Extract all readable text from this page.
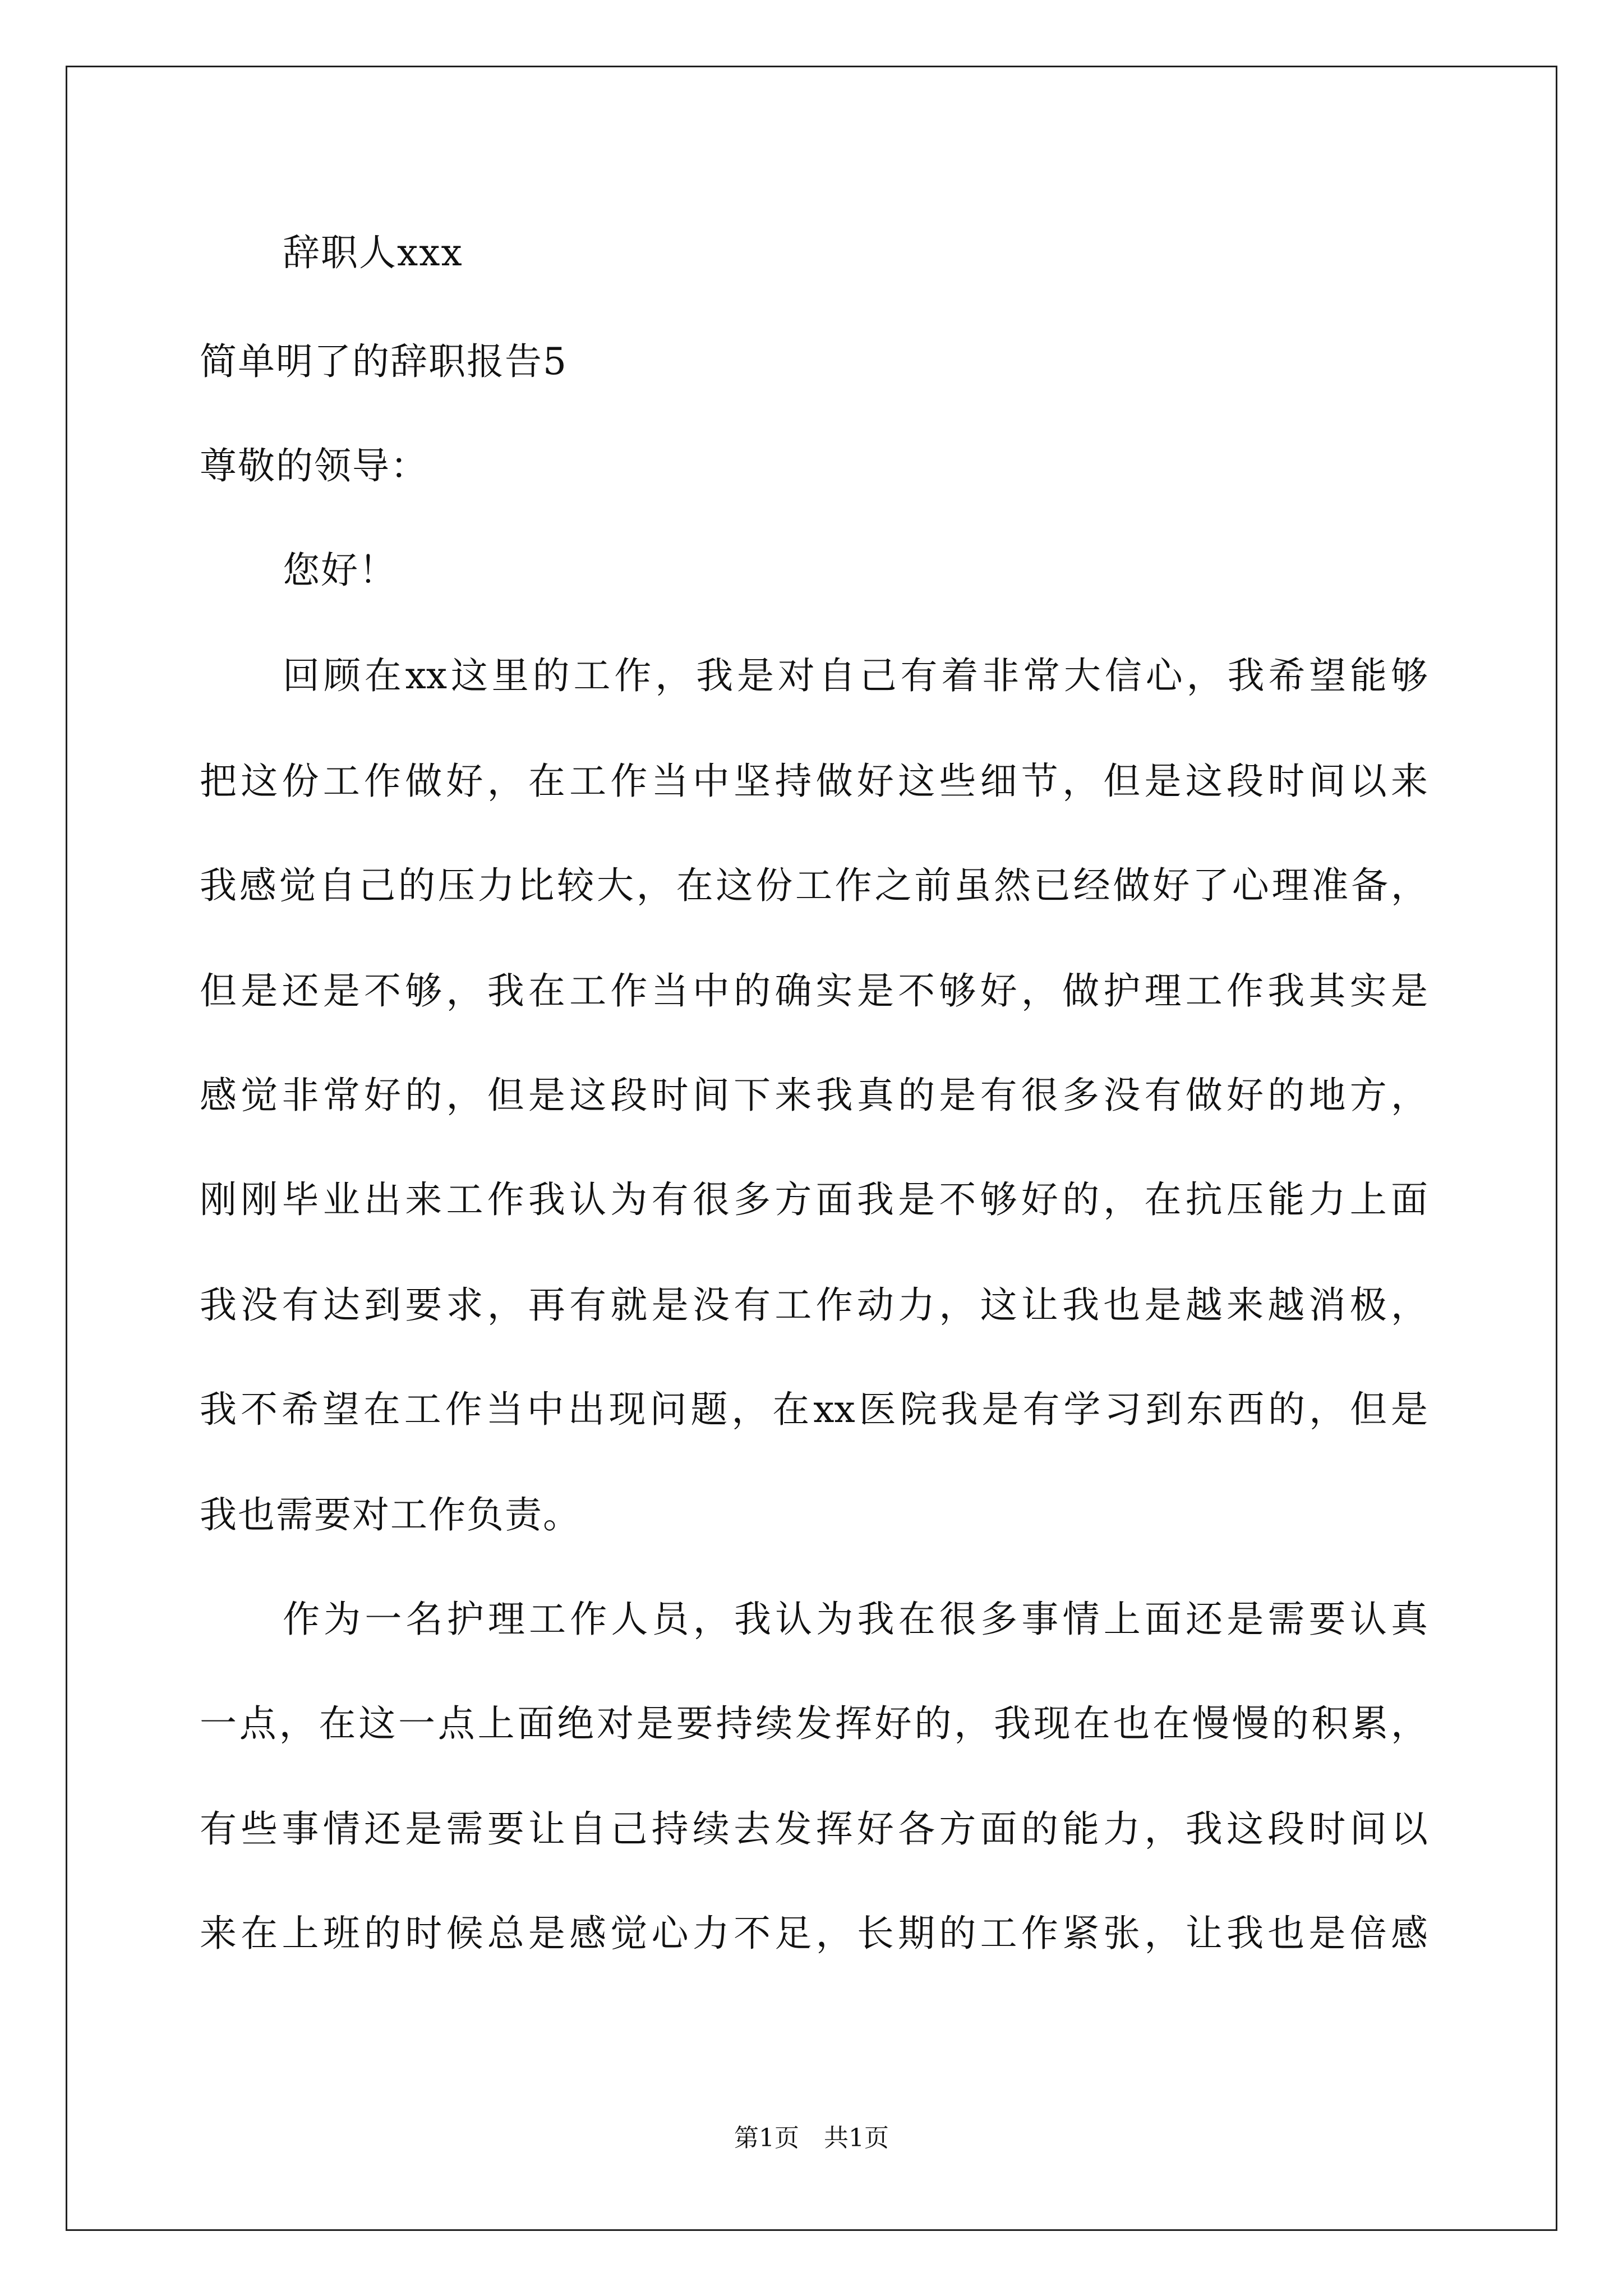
辞职人xxx
简单明了的辞职报告5
尊敬的领导：
您好！
回顾在xx这里的工作，我是对自己有着非常大信心，我希望能够
把这份工作做好，在工作当中坚持做好这些细节，但是这段时间以来
我感觉自己的压力比较大，在这份工作之前虽然已经做好了心理准备，
但是还是不够，我在工作当中的确实是不够好，做护理工作我其实是
感觉非常好的，但是这段时间下来我真的是有很多没有做好的地方，
刚刚毕业出来工作我认为有很多方面我是不够好的，在抗压能力上面
我没有达到要求，再有就是没有工作动力，这让我也是越来越消极，
我不希望在工作当中出现问题，在xx医院我是有学习到东西的，但是
我也需要对工作负责。
作为一名护理工作人员，我认为我在很多事情上面还是需要认真
一点，在这一点上面绝对是要持续发挥好的，我现在也在慢慢的积累，
有些事情还是需要让自己持续去发挥好各方面的能力，我这段时间以
来在上班的时候总是感觉心力不足，长期的工作紧张，让我也是倍感
第1页　共1页
